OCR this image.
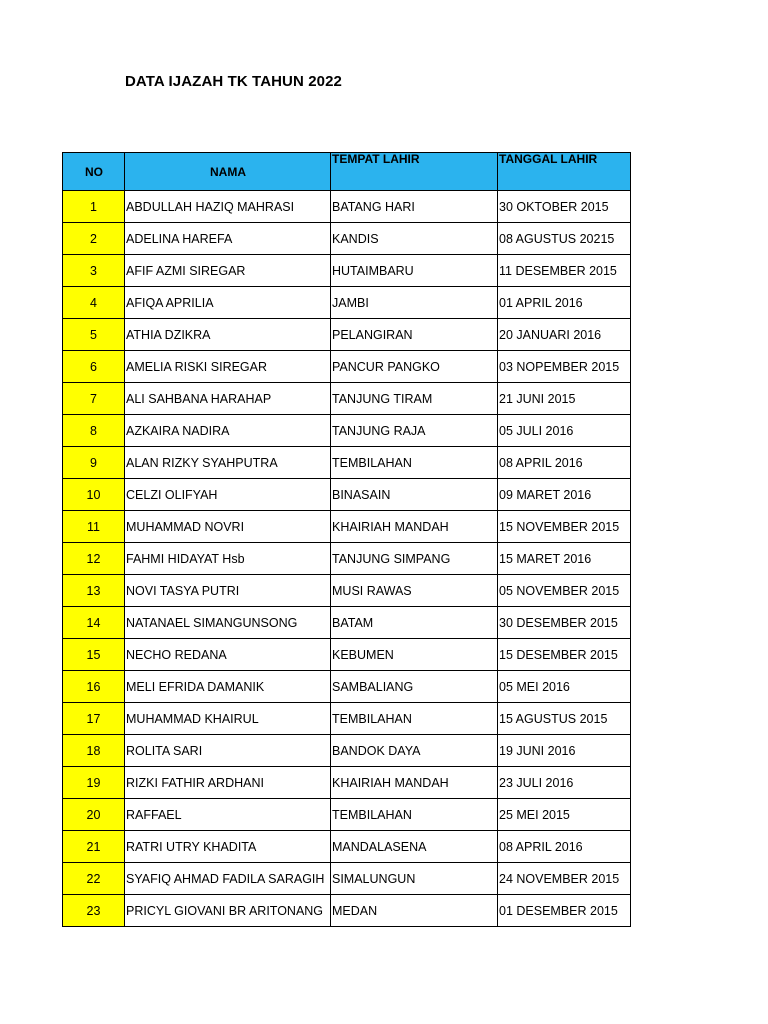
DATA IJAZAH TK TAHUN 2022
NO	NAMA	TEMPAT LAHIR	TANGGAL LAHIR
1	ABDULLAH HAZIQ MAHRASI	BATANG HARI	30 OKTOBER 2015
2	ADELINA HAREFA	KANDIS	08 AGUSTUS 20215
3	AFIF AZMI SIREGAR	HUTAIMBARU	11 DESEMBER 2015
4	AFIQA APRILIA	JAMBI	01 APRIL 2016
5	ATHIA DZIKRA	PELANGIRAN	20 JANUARI 2016
6	AMELIA RISKI SIREGAR	PANCUR PANGKO	03 NOPEMBER 2015
7	ALI SAHBANA HARAHAP	TANJUNG TIRAM	21 JUNI 2015
8	AZKAIRA NADIRA	TANJUNG RAJA	05 JULI 2016
9	ALAN RIZKY SYAHPUTRA	TEMBILAHAN	08 APRIL 2016
10	CELZI OLIFYAH	BINASAIN	09 MARET 2016
11	MUHAMMAD NOVRI	KHAIRIAH MANDAH	15 NOVEMBER 2015
12	FAHMI HIDAYAT Hsb	TANJUNG SIMPANG	15 MARET 2016
13	NOVI TASYA PUTRI	MUSI RAWAS	05 NOVEMBER 2015
14	NATANAEL SIMANGUNSONG	BATAM	30 DESEMBER 2015
15	NECHO REDANA	KEBUMEN	15 DESEMBER 2015
16	MELI EFRIDA DAMANIK	SAMBALIANG	05 MEI 2016
17	MUHAMMAD KHAIRUL	TEMBILAHAN	15 AGUSTUS 2015
18	ROLITA SARI	BANDOK DAYA	19 JUNI 2016
19	RIZKI FATHIR ARDHANI	KHAIRIAH MANDAH	23 JULI 2016
20	RAFFAEL	TEMBILAHAN	25 MEI 2015
21	RATRI UTRY KHADITA	MANDALASENA	08 APRIL 2016
22	SYAFIQ AHMAD FADILA SARAGIH	SIMALUNGUN	24 NOVEMBER 2015
23	PRICYL GIOVANI BR ARITONANG	MEDAN	01 DESEMBER 2015
